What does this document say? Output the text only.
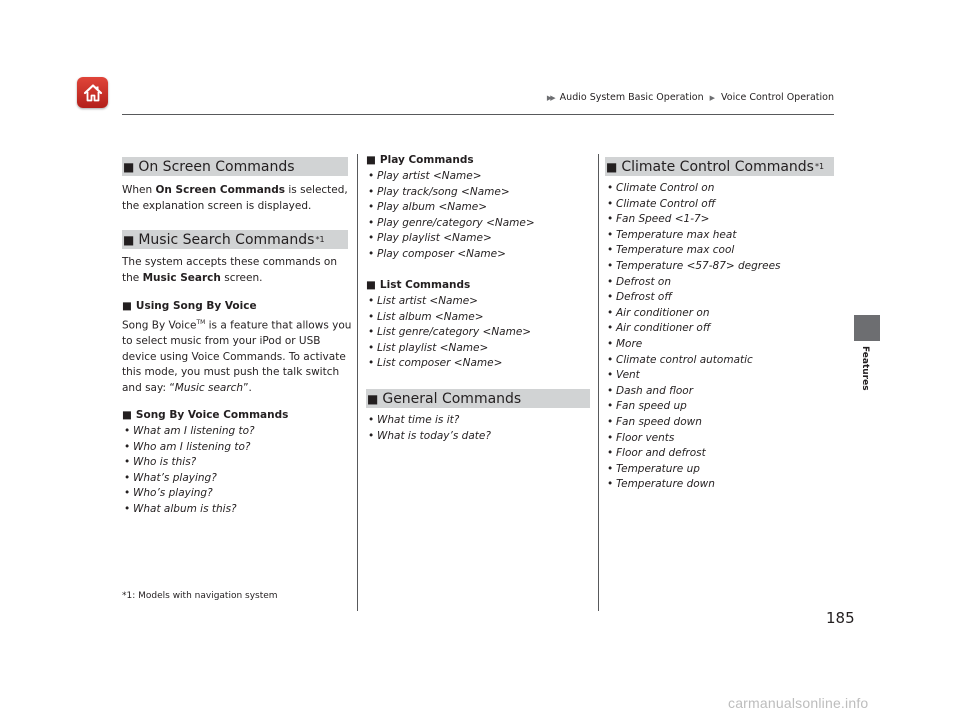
▶▶ Audio System Basic Operation ▶ Voice Control Operation
Features
■ On Screen Commands
When On Screen Commands is selected, the explanation screen is displayed.
■ Music Search Commands *1
The system accepts these commands on the Music Search screen.
■ Using Song By Voice
Song By Voice™ is a feature that allows you to select music from your iPod or USB device using Voice Commands. To activate this mode, you must push the talk switch and say: “Music search”.
■ Song By Voice Commands
• What am I listening to?
• Who am I listening to?
• Who is this?
• What’s playing?
• Who’s playing?
• What album is this?
*1: Models with navigation system
■ Play Commands
• Play artist <Name>
• Play track/song <Name>
• Play album <Name>
• Play genre/category <Name>
• Play playlist <Name>
• Play composer <Name>
■ List Commands
• List artist <Name>
• List album <Name>
• List genre/category <Name>
• List playlist <Name>
• List composer <Name>
■ General Commands
• What time is it?
• What is today’s date?
■ Climate Control Commands *1
• Climate Control on
• Climate Control off
• Fan Speed <1-7>
• Temperature max heat
• Temperature max cool
• Temperature <57-87> degrees
• Defrost on
• Defrost off
• Air conditioner on
• Air conditioner off
• More
• Climate control automatic
• Vent
• Dash and floor
• Fan speed up
• Fan speed down
• Floor vents
• Floor and defrost
• Temperature up
• Temperature down
185
carmanualsonline.info
